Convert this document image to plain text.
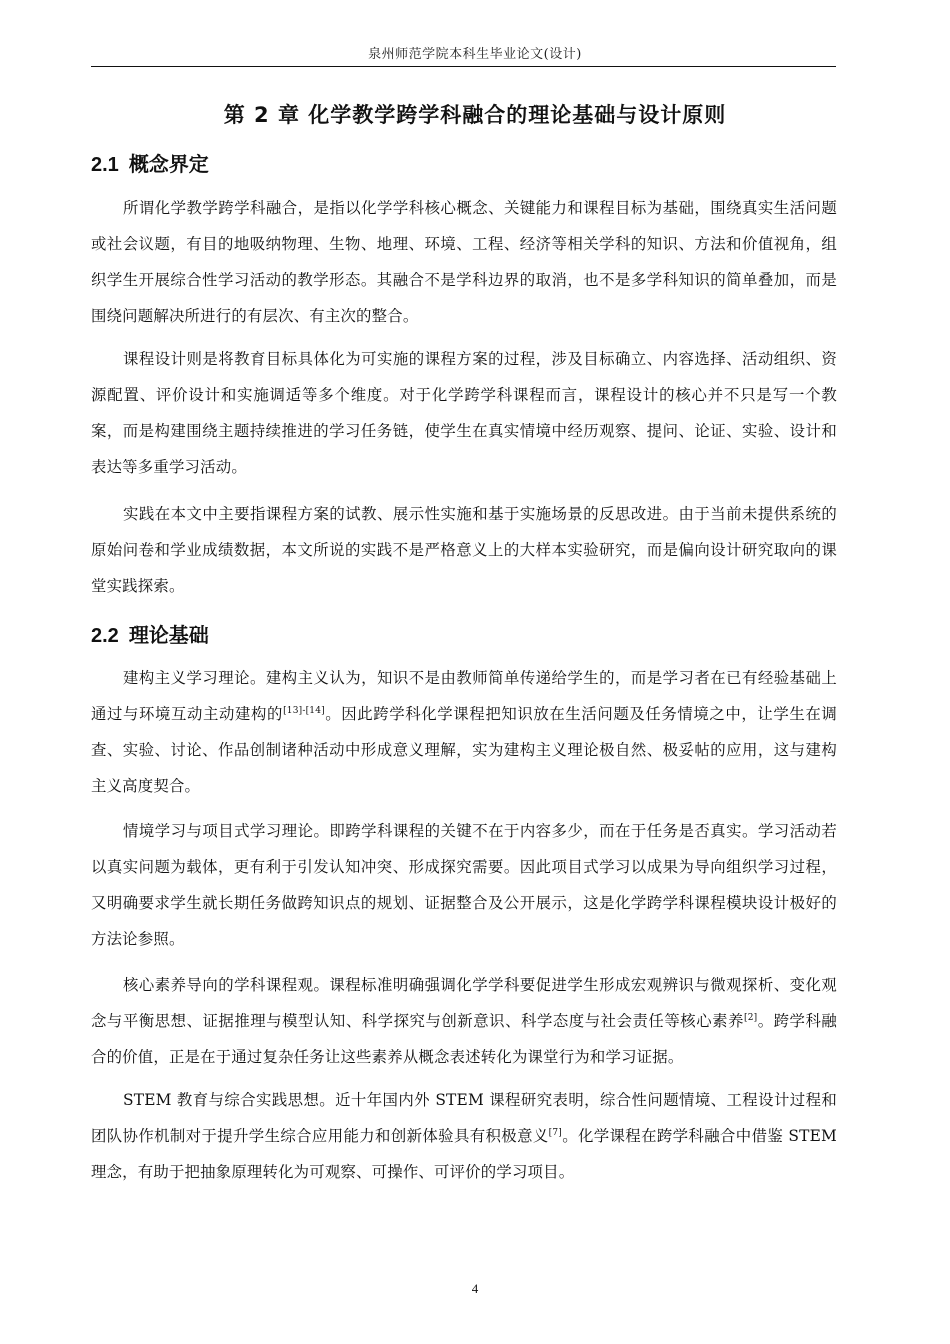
泉州师范学院本科生毕业论文(设计)
第 2 章 化学教学跨学科融合的理论基础与设计原则
2.1 概念界定

所谓化学教学跨学科融合，是指以化学学科核心概念、关键能力和课程目标为基础，围绕真实生活问题或社会议题，有目的地吸纳物理、生物、地理、环境、工程、经济等相关学科的知识、方法和价值视角，组织学生开展综合性学习活动的教学形态。其融合不是学科边界的取消，也不是多学科知识的简单叠加，而是围绕问题解决所进行的有层次、有主次的整合。

课程设计则是将教育目标具体化为可实施的课程方案的过程，涉及目标确立、内容选择、活动组织、资源配置、评价设计和实施调适等多个维度。对于化学跨学科课程而言，课程设计的核心并不只是写一个教案，而是构建围绕主题持续推进的学习任务链，使学生在真实情境中经历观察、提问、论证、实验、设计和表达等多重学习活动。

实践在本文中主要指课程方案的试教、展示性实施和基于实施场景的反思改进。由于当前未提供系统的原始问卷和学业成绩数据，本文所说的实践不是严格意义上的大样本实验研究，而是偏向设计研究取向的课堂实践探索。

2.2 理论基础

建构主义学习理论。建构主义认为，知识不是由教师简单传递给学生的，而是学习者在已有经验基础上通过与环境互动主动建构的[13]-[14]。因此跨学科化学课程把知识放在生活问题及任务情境之中，让学生在调查、实验、讨论、作品创制诸种活动中形成意义理解，实为建构主义理论极自然、极妥帖的应用，这与建构主义高度契合。

情境学习与项目式学习理论。即跨学科课程的关键不在于内容多少，而在于任务是否真实。学习活动若以真实问题为载体，更有利于引发认知冲突、形成探究需要。因此项目式学习以成果为导向组织学习过程，又明确要求学生就长期任务做跨知识点的规划、证据整合及公开展示，这是化学跨学科课程模块设计极好的方法论参照。

核心素养导向的学科课程观。课程标准明确强调化学学科要促进学生形成宏观辨识与微观探析、变化观念与平衡思想、证据推理与模型认知、科学探究与创新意识、科学态度与社会责任等核心素养[2]。跨学科融合的价值，正是在于通过复杂任务让这些素养从概念表述转化为课堂行为和学习证据。

STEM 教育与综合实践思想。近十年国内外 STEM 课程研究表明，综合性问题情境、工程设计过程和团队协作机制对于提升学生综合应用能力和创新体验具有积极意义[7]。化学课程在跨学科融合中借鉴 STEM 理念，有助于把抽象原理转化为可观察、可操作、可评价的学习项目。

4
